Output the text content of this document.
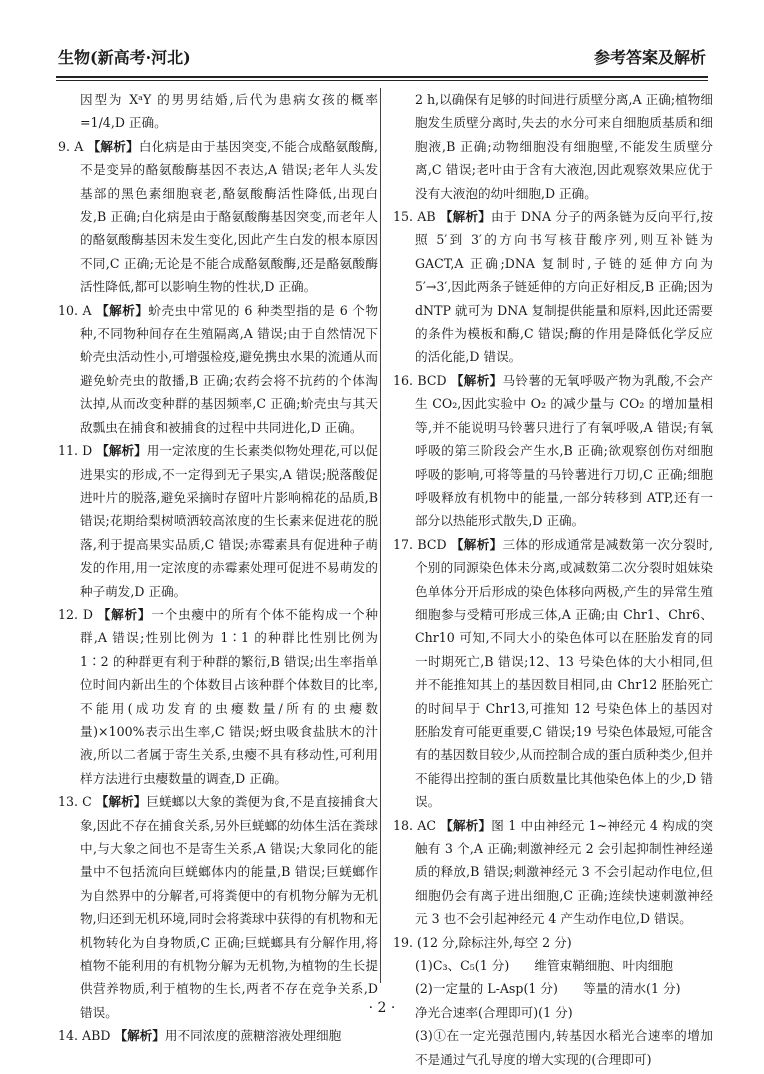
生物(新高考·河北)	参考答案及解析

因型为 XᵃY 的男男结婚,后代为患病女孩的概率=1/4,D 正确。

9. A 【解析】白化病是由于基因突变,不能合成酪氨酸酶,不是变异的酪氨酸酶基因不表达,A 错误;老年人头发基部的黑色素细胞衰老,酪氨酸酶活性降低,出现白发,B 正确;白化病是由于酪氨酸酶基因突变,而老年人的酪氨酸酶基因未发生变化,因此产生白发的根本原因不同,C 正确;无论是不能合成酪氨酸酶,还是酪氨酸酶活性降低,都可以影响生物的性状,D 正确。

10. A 【解析】蚧壳虫中常见的 6 种类型指的是 6 个物种,不同物种间存在生殖隔离,A 错误;由于自然情况下蚧壳虫活动性小,可增强检疫,避免携虫水果的流通从而避免蚧壳虫的散播,B 正确;农药会将不抗药的个体淘汰掉,从而改变种群的基因频率,C 正确;蚧壳虫与其天敌瓢虫在捕食和被捕食的过程中共同进化,D 正确。

11. D 【解析】用一定浓度的生长素类似物处理花,可以促进果实的形成,不一定得到无子果实,A 错误;脱落酸促进叶片的脱落,避免采摘时存留叶片影响棉花的品质,B 错误;花期给梨树喷洒较高浓度的生长素来促进花的脱落,利于提高果实品质,C 错误;赤霉素具有促进种子萌发的作用,用一定浓度的赤霉素处理可促进不易萌发的种子萌发,D 正确。

12. D 【解析】一个虫瘿中的所有个体不能构成一个种群,A 错误;性别比例为 1∶1 的种群比性别比例为 1∶2 的种群更有利于种群的繁衍,B 错误;出生率指单位时间内新出生的个体数目占该种群个体数目的比率,不能用(成功发育的虫瘿数量/所有的虫瘿数量)×100%表示出生率,C 错误;蚜虫吸食盐肤木的汁液,所以二者属于寄生关系,虫瘿不具有移动性,可利用样方法进行虫瘿数量的调查,D 正确。

13. C 【解析】巨蜣螂以大象的粪便为食,不是直接捕食大象,因此不存在捕食关系,另外巨蜣螂的幼体生活在粪球中,与大象之间也不是寄生关系,A 错误;大象同化的能量中不包括流向巨蜣螂体内的能量,B 错误;巨蜣螂作为自然界中的分解者,可将粪便中的有机物分解为无机物,归还到无机环境,同时会将粪球中获得的有机物和无机物转化为自身物质,C 正确;巨蜣螂具有分解作用,将植物不能利用的有机物分解为无机物,为植物的生长提供营养物质,利于植物的生长,两者不存在竞争关系,D 错误。

14. ABD 【解析】用不同浓度的蔗糖溶液处理细胞

2 h,以确保有足够的时间进行质壁分离,A 正确;植物细胞发生质壁分离时,失去的水分可来自细胞质基质和细胞液,B 正确;动物细胞没有细胞壁,不能发生质壁分离,C 错误;老叶由于含有大液泡,因此观察效果应优于没有大液泡的幼叶细胞,D 正确。

15. AB 【解析】由于 DNA 分子的两条链为反向平行,按照 5′到 3′的方向书写核苷酸序列,则互补链为 GACT,A 正确;DNA 复制时,子链的延伸方向为 5′→3′,因此两条子链延伸的方向正好相反,B 正确;因为 dNTP 就可为 DNA 复制提供能量和原料,因此还需要的条件为模板和酶,C 错误;酶的作用是降低化学反应的活化能,D 错误。

16. BCD 【解析】马铃薯的无氧呼吸产物为乳酸,不会产生 CO₂,因此实验中 O₂ 的减少量与 CO₂ 的增加量相等,并不能说明马铃薯只进行了有氧呼吸,A 错误;有氧呼吸的第三阶段会产生水,B 正确;欲观察创伤对细胞呼吸的影响,可将等量的马铃薯进行刀切,C 正确;细胞呼吸释放有机物中的能量,一部分转移到 ATP,还有一部分以热能形式散失,D 正确。

17. BCD 【解析】三体的形成通常是减数第一次分裂时,个别的同源染色体未分离,或减数第二次分裂时姐妹染色单体分开后形成的染色体移向两极,产生的异常生殖细胞参与受精可形成三体,A 正确;由 Chr1、Chr6、Chr10 可知,不同大小的染色体可以在胚胎发育的同一时期死亡,B 错误;12、13 号染色体的大小相同,但并不能推知其上的基因数目相同,由 Chr12 胚胎死亡的时间早于 Chr13,可推知 12 号染色体上的基因对胚胎发育可能更重要,C 错误;19 号染色体最短,可能含有的基因数目较少,从而控制合成的蛋白质种类少,但并不能得出控制的蛋白质数量比其他染色体上的少,D 错误。

18. AC 【解析】图 1 中由神经元 1~神经元 4 构成的突触有 3 个,A 正确;刺激神经元 2 会引起抑制性神经递质的释放,B 错误;刺激神经元 3 不会引起动作电位,但细胞仍会有离子进出细胞,C 正确;连续快速刺激神经元 3 也不会引起神经元 4 产生动作电位,D 错误。

19. (12 分,除标注外,每空 2 分)

(1)C₃、C₅(1 分)　　维管束鞘细胞、叶肉细胞

(2)一定量的 L-Asp(1 分)　　等量的清水(1 分)

净光合速率(合理即可)(1 分)

(3)①在一定光强范围内,转基因水稻光合速率的增加不是通过气孔导度的增大实现的(合理即可)

· 2 ·
